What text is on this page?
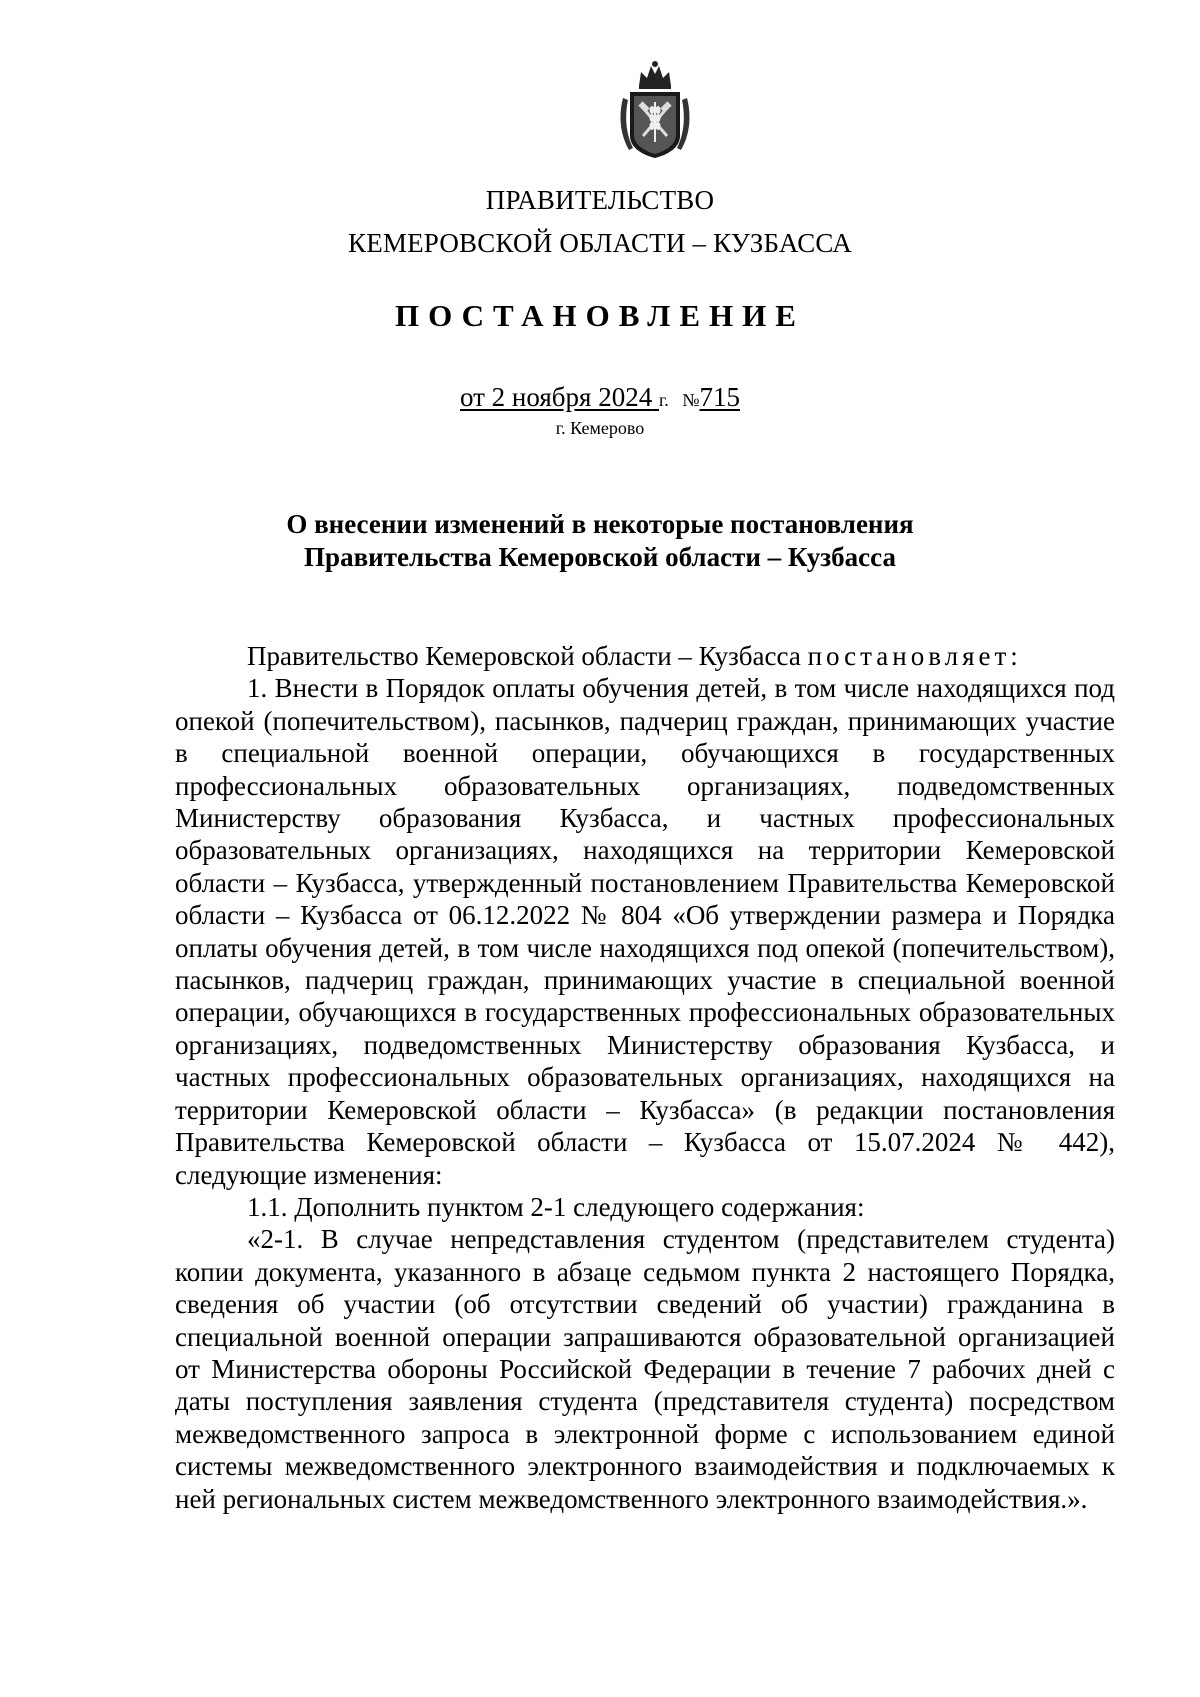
ПРАВИТЕЛЬСТВО
КЕМЕРОВСКОЙ ОБЛАСТИ – КУЗБАССА
ПОСТАНОВЛЕНИЕ
от 2 ноября 2024 г. №715
г. Кемерово
О внесении изменений в некоторые постановления
Правительства Кемеровской области – Кузбасса

Правительство Кемеровской области – Кузбасса постановляет:

1. Внести в Порядок оплаты обучения детей, в том числе находящихся под опекой (попечительством), пасынков, падчериц граждан, принимающих участие в специальной военной операции, обучающихся в государственных профессиональных образовательных организациях, подведомственных Министерству образования Кузбасса, и частных профессиональных образовательных организациях, находящихся на территории Кемеровской области – Кузбасса, утвержденный постановлением Правительства Кемеровской области – Кузбасса от 06.12.2022 № 804 «Об утверждении размера и Порядка оплаты обучения детей, в том числе находящихся под опекой (попечительством), пасынков, падчериц граждан, принимающих участие в специальной военной операции, обучающихся в государственных профессиональных образовательных организациях, подведомственных Министерству образования Кузбасса, и частных профессиональных образовательных организациях, находящихся на территории Кемеровской области – Кузбасса» (в редакции постановления Правительства Кемеровской области – Кузбасса от 15.07.2024 № 442), следующие изменения:

1.1. Дополнить пунктом 2-1 следующего содержания:

«2-1. В случае непредставления студентом (представителем студента) копии документа, указанного в абзаце седьмом пункта 2 настоящего Порядка, сведения об участии (об отсутствии сведений об участии) гражданина в специальной военной операции запрашиваются образовательной организацией от Министерства обороны Российской Федерации в течение 7 рабочих дней с даты поступления заявления студента (представителя студента) посредством межведомственного запроса в электронной форме с использованием единой системы межведомственного электронного взаимодействия и подключаемых к ней региональных систем межведомственного электронного взаимодействия.».
